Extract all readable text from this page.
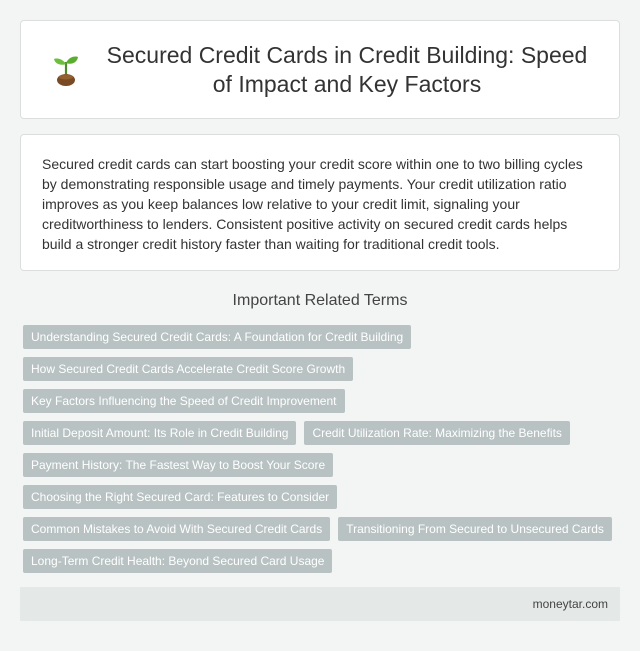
Secured Credit Cards in Credit Building: Speed of Impact and Key Factors

Secured credit cards can start boosting your credit score within one to two billing cycles by demonstrating responsible usage and timely payments. Your credit utilization ratio improves as you keep balances low relative to your credit limit, signaling your creditworthiness to lenders. Consistent positive activity on secured credit cards helps build a stronger credit history faster than waiting for traditional credit tools.

Important Related Terms
Understanding Secured Credit Cards: A Foundation for Credit Building
How Secured Credit Cards Accelerate Credit Score Growth
Key Factors Influencing the Speed of Credit Improvement
Initial Deposit Amount: Its Role in Credit Building	Credit Utilization Rate: Maximizing the Benefits
Payment History: The Fastest Way to Boost Your Score
Choosing the Right Secured Card: Features to Consider
Common Mistakes to Avoid With Secured Credit Cards	Transitioning From Secured to Unsecured Cards
Long-Term Credit Health: Beyond Secured Card Usage
moneytar.com
